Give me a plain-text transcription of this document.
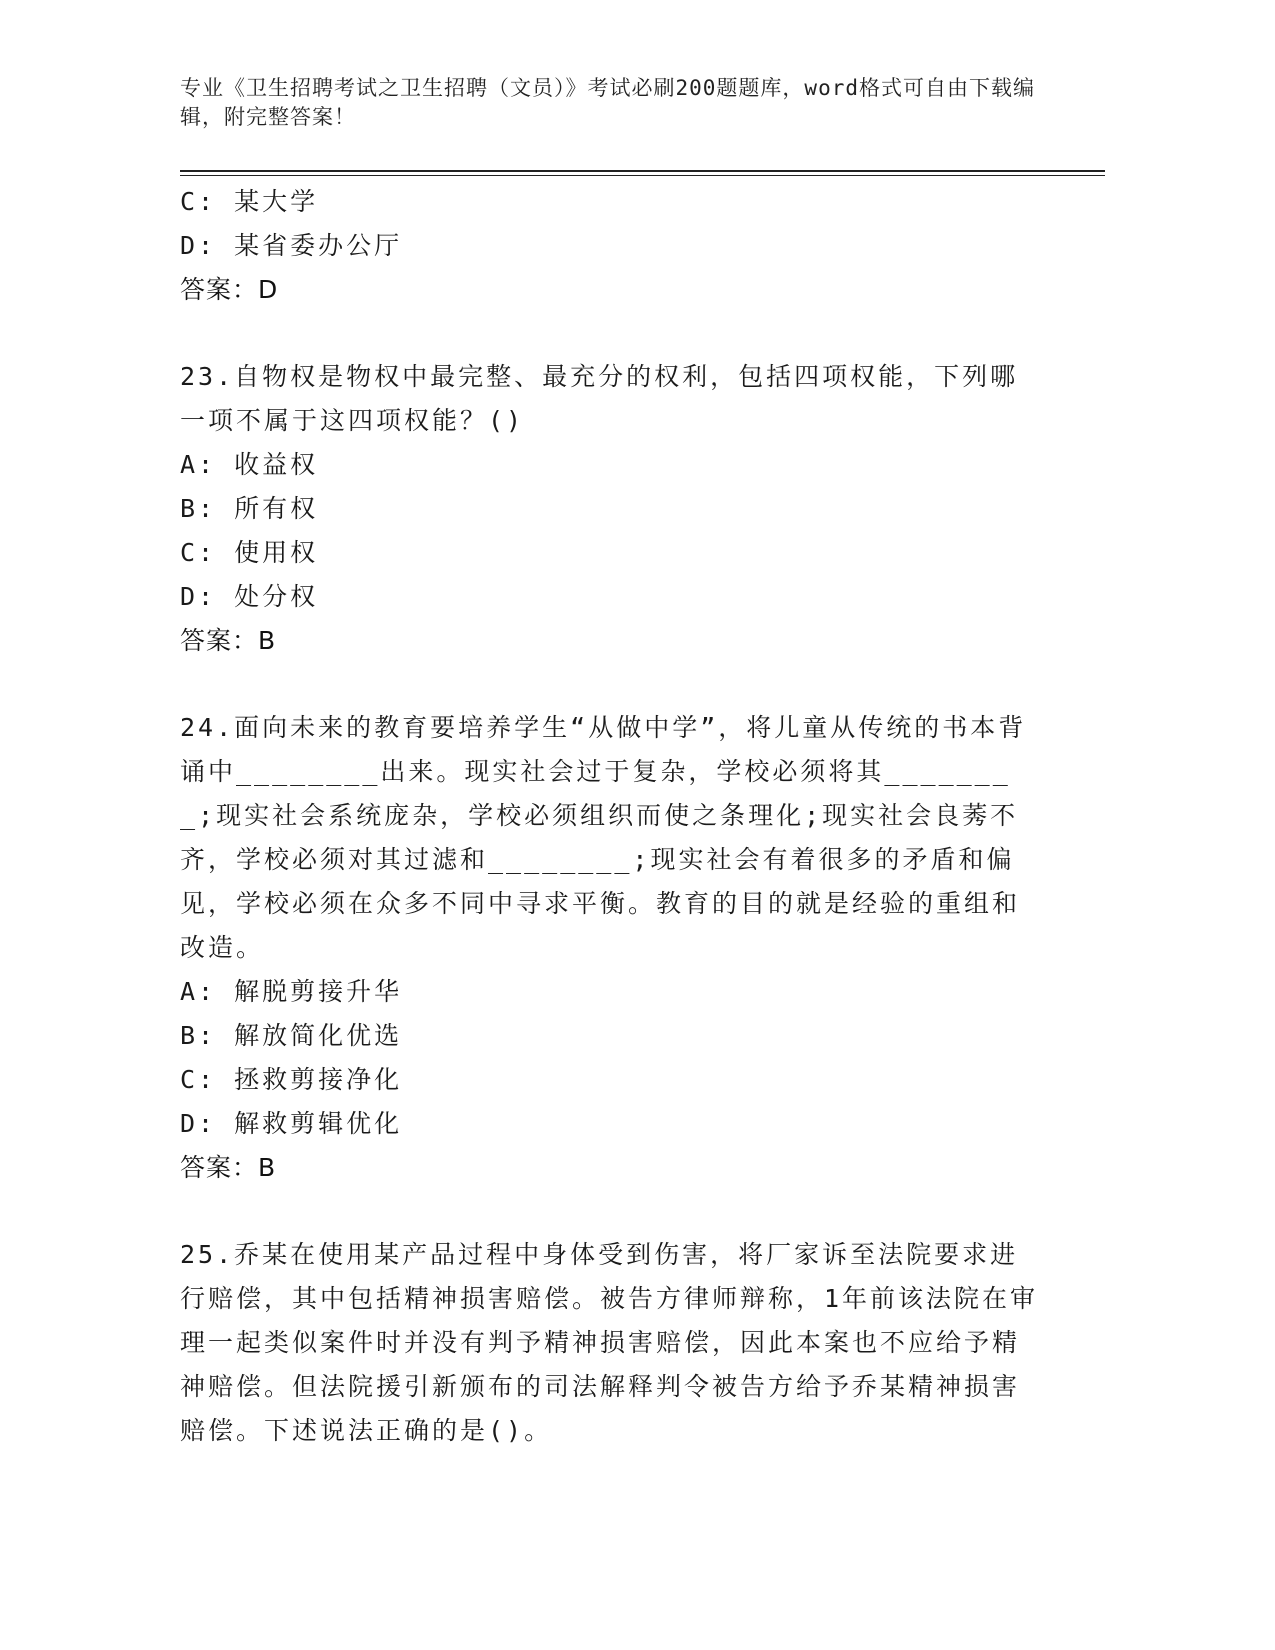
专业《卫生招聘考试之卫生招聘（文员）》考试必刷200题题库，word格式可自由下载编辑，附完整答案！

C: 某大学

D: 某省委办公厅

答案：D

23.自物权是物权中最完整、最充分的权利，包括四项权能，下列哪一项不属于这四项权能？()

A: 收益权

B: 所有权

C: 使用权

D: 处分权

答案：B

24.面向未来的教育要培养学生“从做中学”，将儿童从传统的书本背诵中________出来。现实社会过于复杂，学校必须将其________;现实社会系统庞杂，学校必须组织而使之条理化;现实社会良莠不齐，学校必须对其过滤和________;现实社会有着很多的矛盾和偏见，学校必须在众多不同中寻求平衡。教育的目的就是经验的重组和改造。

A: 解脱剪接升华

B: 解放简化优选

C: 拯救剪接净化

D: 解救剪辑优化

答案：B

25.乔某在使用某产品过程中身体受到伤害，将厂家诉至法院要求进行赔偿，其中包括精神损害赔偿。被告方律师辩称，1年前该法院在审理一起类似案件时并没有判予精神损害赔偿，因此本案也不应给予精神赔偿。但法院援引新颁布的司法解释判令被告方给予乔某精神损害赔偿。下述说法正确的是()。
